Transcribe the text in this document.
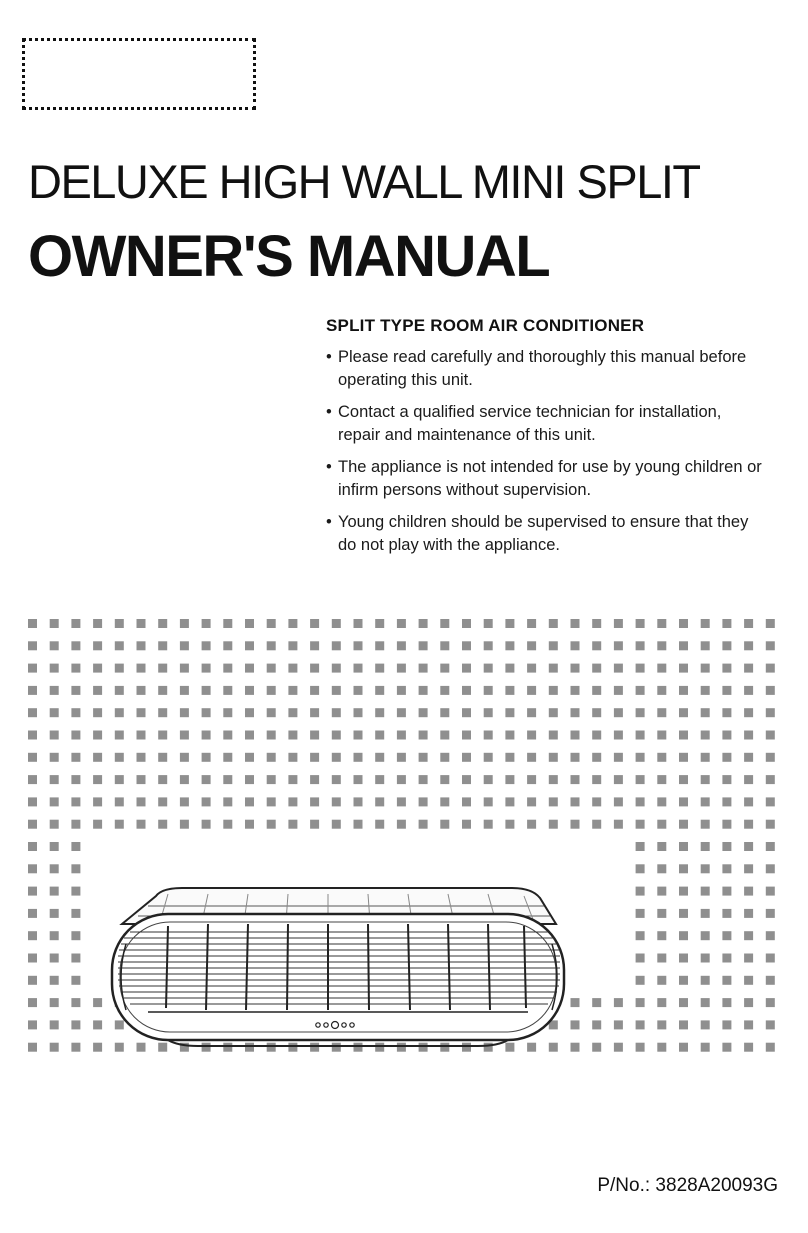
DELUXE HIGH WALL MINI SPLIT
OWNER'S MANUAL
SPLIT TYPE ROOM AIR CONDITIONER
• Please read carefully and thoroughly this manual before operating this unit.
• Contact a qualified service technician for installation, repair and maintenance of this unit.
• The appliance is not intended for use by young children or infirm persons without supervision.
• Young children should be supervised to ensure that they do not play with the appliance.

P/No.: 3828A20093G
